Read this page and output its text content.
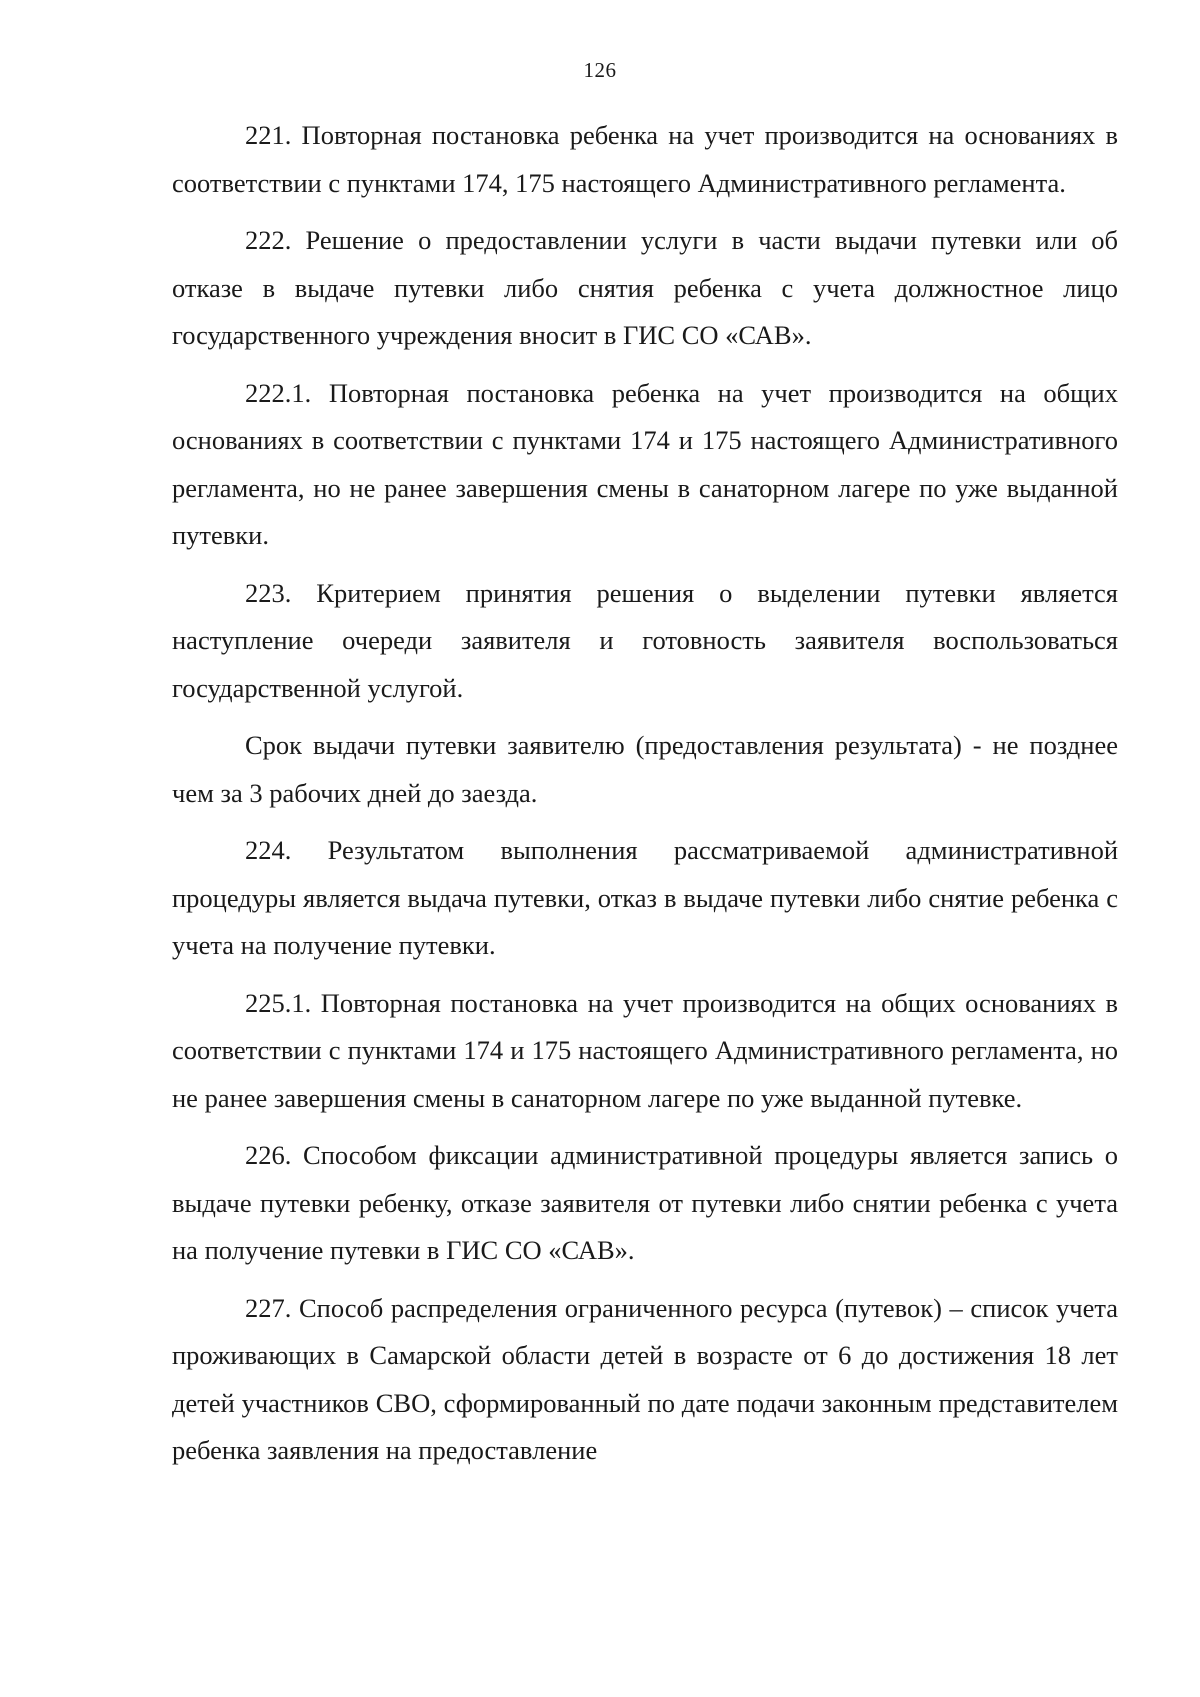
126

221. Повторная постановка ребенка на учет производится на основаниях в соответствии с пунктами 174, 175 настоящего Административного регламента.

222. Решение о предоставлении услуги в части выдачи путевки или об отказе в выдаче путевки либо снятия ребенка с учета должностное лицо государственного учреждения вносит в ГИС СО «САВ».

222.1. Повторная постановка ребенка на учет производится на общих основаниях в соответствии с пунктами 174 и 175 настоящего Административного регламента, но не ранее завершения смены в санаторном лагере по уже выданной путевки.

223. Критерием принятия решения о выделении путевки является наступление очереди заявителя и готовность заявителя воспользоваться государственной услугой.

Срок выдачи путевки заявителю (предоставления результата) - не позднее чем за 3 рабочих дней до заезда.

224. Результатом выполнения рассматриваемой административной процедуры является выдача путевки, отказ в выдаче путевки либо снятие ребенка с учета на получение путевки.

225.1. Повторная постановка на учет производится на общих основаниях в соответствии с пунктами 174 и 175 настоящего Административного регламента, но не ранее завершения смены в санаторном лагере по уже выданной путевке.

226. Способом фиксации административной процедуры является запись о выдаче путевки ребенку, отказе заявителя от путевки либо снятии ребенка с учета на получение путевки в ГИС СО «САВ».

227. Способ распределения ограниченного ресурса (путевок) – список учета проживающих в Самарской области детей в возрасте от 6 до достижения 18 лет детей участников СВО, сформированный по дате подачи законным представителем ребенка заявления на предоставление
